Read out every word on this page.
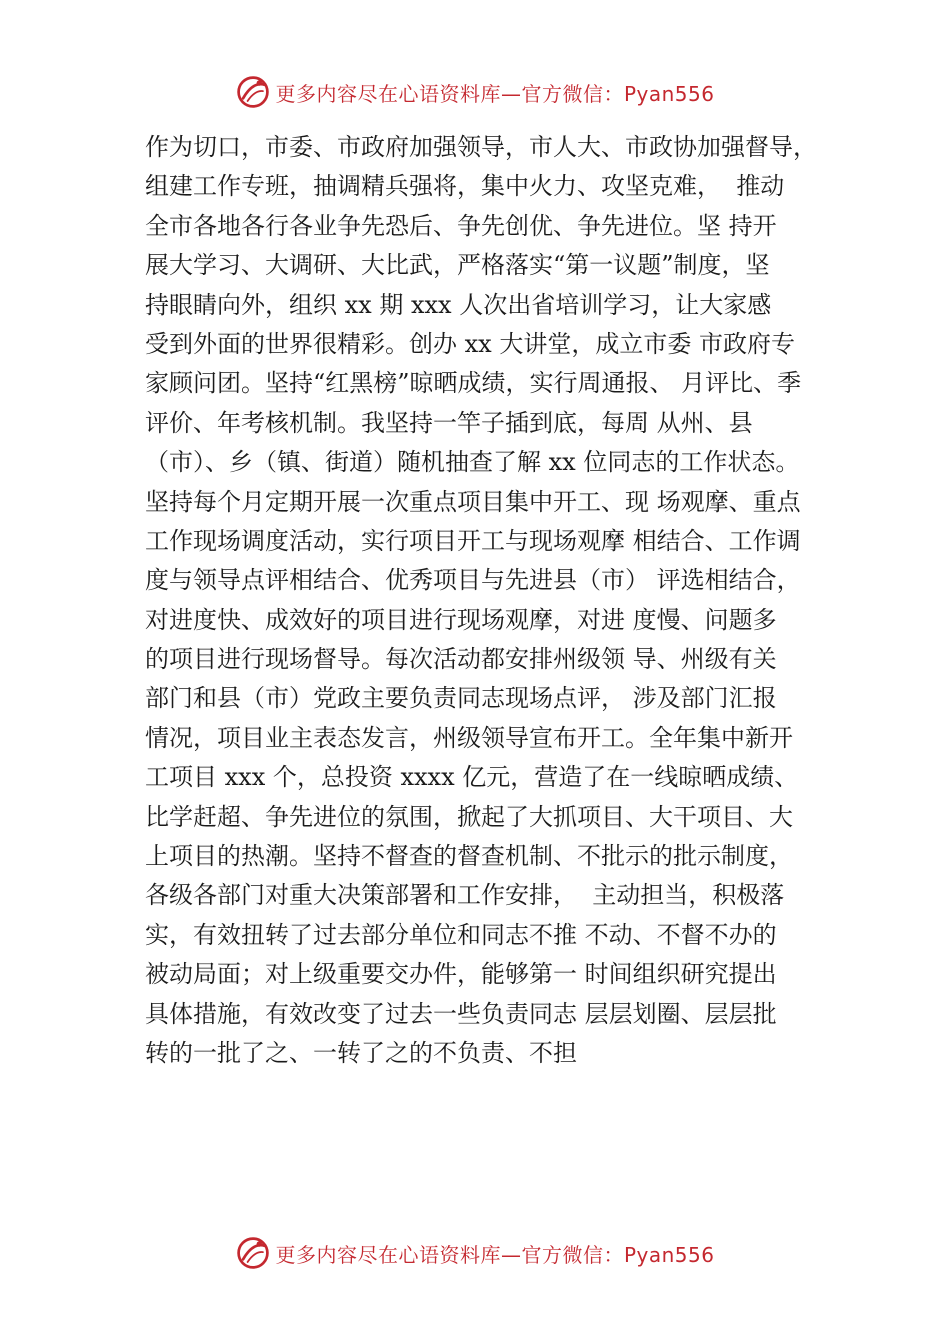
更多内容尽在心语资料库—官方微信：Pyan556
作为切口，市委、市政府加强领导，市人大、市政协加强督导，
组建工作专班，抽调精兵强将，集中火力、攻坚克难，  推动
全市各地各行各业争先恐后、争先创优、争先进位。坚 持开
展大学习、大调研、大比武，严格落实“第一议题”制度，坚
持眼睛向外，组织 xx 期 xxx 人次出省培训学习，让大家感
受到外面的世界很精彩。创办 xx 大讲堂，成立市委 市政府专
家顾问团。坚持“红黑榜”晾晒成绩，实行周通报、 月评比、季
评价、年考核机制。我坚持一竿子插到底，每周 从州、县
（市）、乡（镇、街道）随机抽查了解 xx 位同志的工作状态。
坚持每个月定期开展一次重点项目集中开工、现 场观摩、重点
工作现场调度活动，实行项目开工与现场观摩 相结合、工作调
度与领导点评相结合、优秀项目与先进县（市） 评选相结合，
对进度快、成效好的项目进行现场观摩，对进 度慢、问题多
的项目进行现场督导。每次活动都安排州级领 导、州级有关
部门和县（市）党政主要负责同志现场点评， 涉及部门汇报
情况，项目业主表态发言，州级领导宣布开工。全年集中新开
工项目 xxx 个，总投资 xxxx 亿元，营造了在一线晾晒成绩、
比学赶超、争先进位的氛围，掀起了大抓项目、大干项目、大
上项目的热潮。坚持不督查的督查机制、不批示的批示制度，
各级各部门对重大决策部署和工作安排，  主动担当，积极落
实，有效扭转了过去部分单位和同志不推 不动、不督不办的
被动局面；对上级重要交办件，能够第一 时间组织研究提出
具体措施，有效改变了过去一些负责同志 层层划圈、层层批
转的一批了之、一转了之的不负责、不担
更多内容尽在心语资料库—官方微信：Pyan556
